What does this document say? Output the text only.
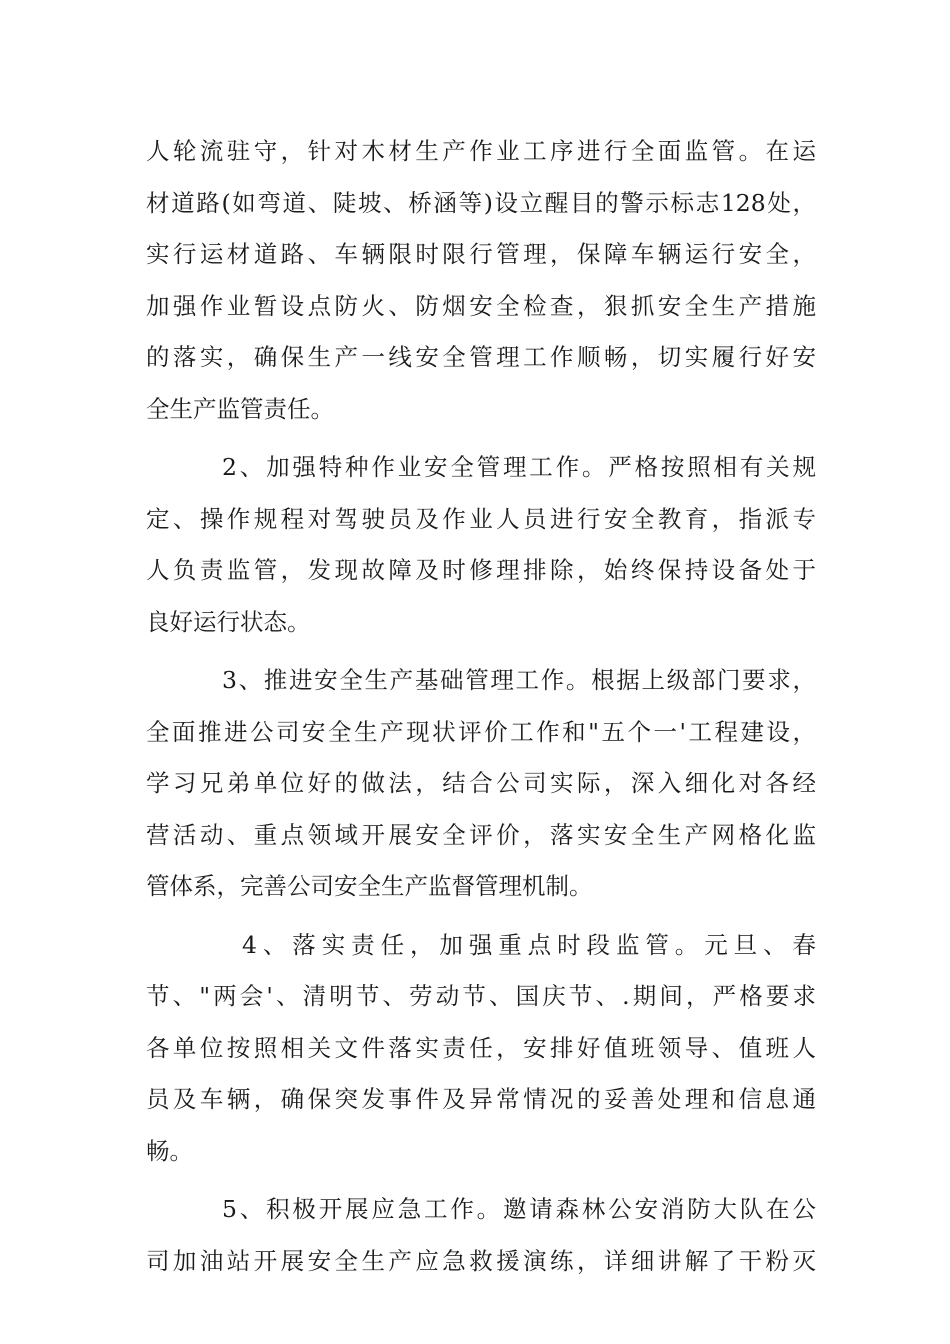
人轮流驻守，针对木材生产作业工序进行全面监管。在运
材道路(如弯道、陡坡、桥涵等)设立醒目的警示标志128处，
实行运材道路、车辆限时限行管理，保障车辆运行安全，
加强作业暂设点防火、防烟安全检查，狠抓安全生产措施
的落实，确保生产一线安全管理工作顺畅，切实履行好安
全生产监管责任。
2、加强特种作业安全管理工作。严格按照相有关规
定、操作规程对驾驶员及作业人员进行安全教育，指派专
人负责监管，发现故障及时修理排除，始终保持设备处于
良好运行状态。
3、推进安全生产基础管理工作。根据上级部门要求，
全面推进公司安全生产现状评价工作和"五个一'工程建设，
学习兄弟单位好的做法，结合公司实际，深入细化对各经
营活动、重点领域开展安全评价，落实安全生产网格化监
管体系，完善公司安全生产监督管理机制。
4、落实责任，加强重点时段监管。元旦、春
节、"两会'、清明节、劳动节、国庆节、.期间，严格要求
各单位按照相关文件落实责任，安排好值班领导、值班人
员及车辆，确保突发事件及异常情况的妥善处理和信息通
畅。
5、积极开展应急工作。邀请森林公安消防大队在公
司加油站开展安全生产应急救援演练，详细讲解了干粉灭
